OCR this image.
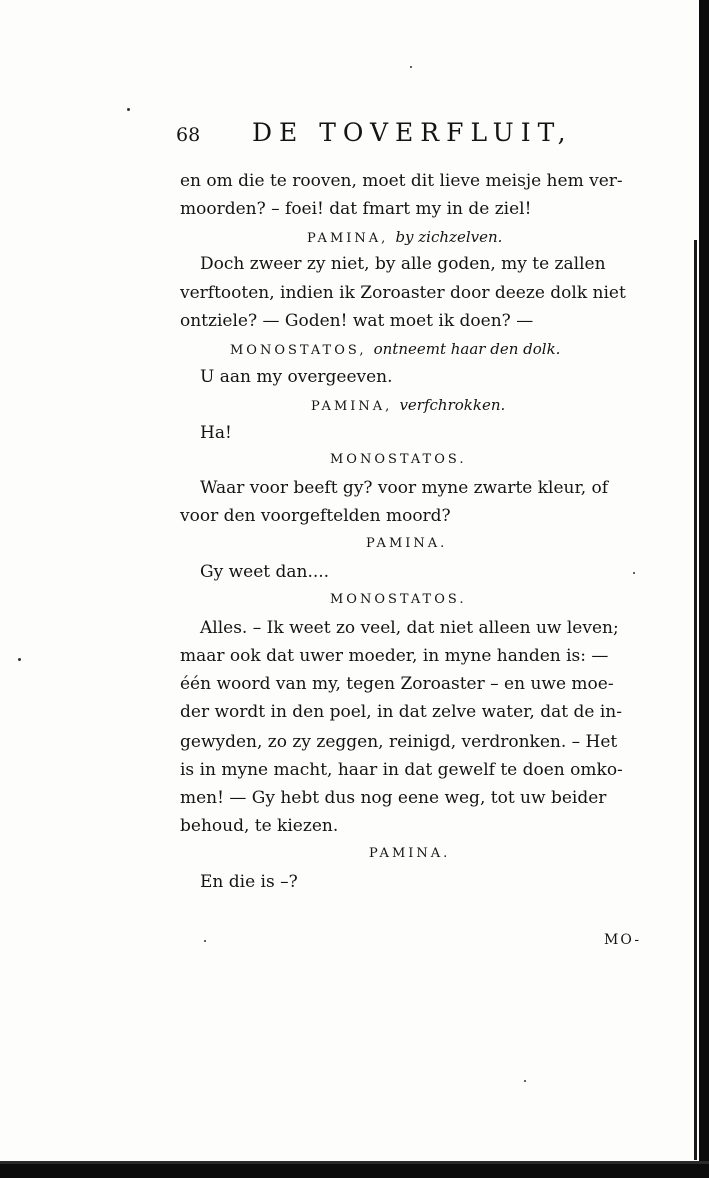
68 DE TOVERFLUIT,
en om die te rooven, moet dit lieve meisje hem ver-
moorden? – foei! dat fmart my in de ziel!
PAMINA, by zichzelven.
Doch zweer zy niet, by alle goden, my te zallen
verftooten, indien ik Zoroaster door deeze dolk niet
ontziele? — Goden! wat moet ik doen? —
MONOSTATOS, ontneemt haar den dolk.
U aan my overgeeven.
PAMINA, verfchrokken.
Ha!
MONOSTATOS.
Waar voor beeft gy? voor myne zwarte kleur, of
voor den voorgeftelden moord?
PAMINA.
Gy weet dan....
MONOSTATOS.
Alles. – Ik weet zo veel, dat niet alleen uw leven;
maar ook dat uwer moeder, in myne handen is: —
één woord van my, tegen Zoroaster – en uwe moe-
der wordt in den poel, in dat zelve water, dat de in-
gewyden, zo zy zeggen, reinigd, verdronken. – Het
is in myne macht, haar in dat gewelf te doen omko-
men! — Gy hebt dus nog eene weg, tot uw beider
behoud, te kiezen.
PAMINA.
En die is –?
MO-
